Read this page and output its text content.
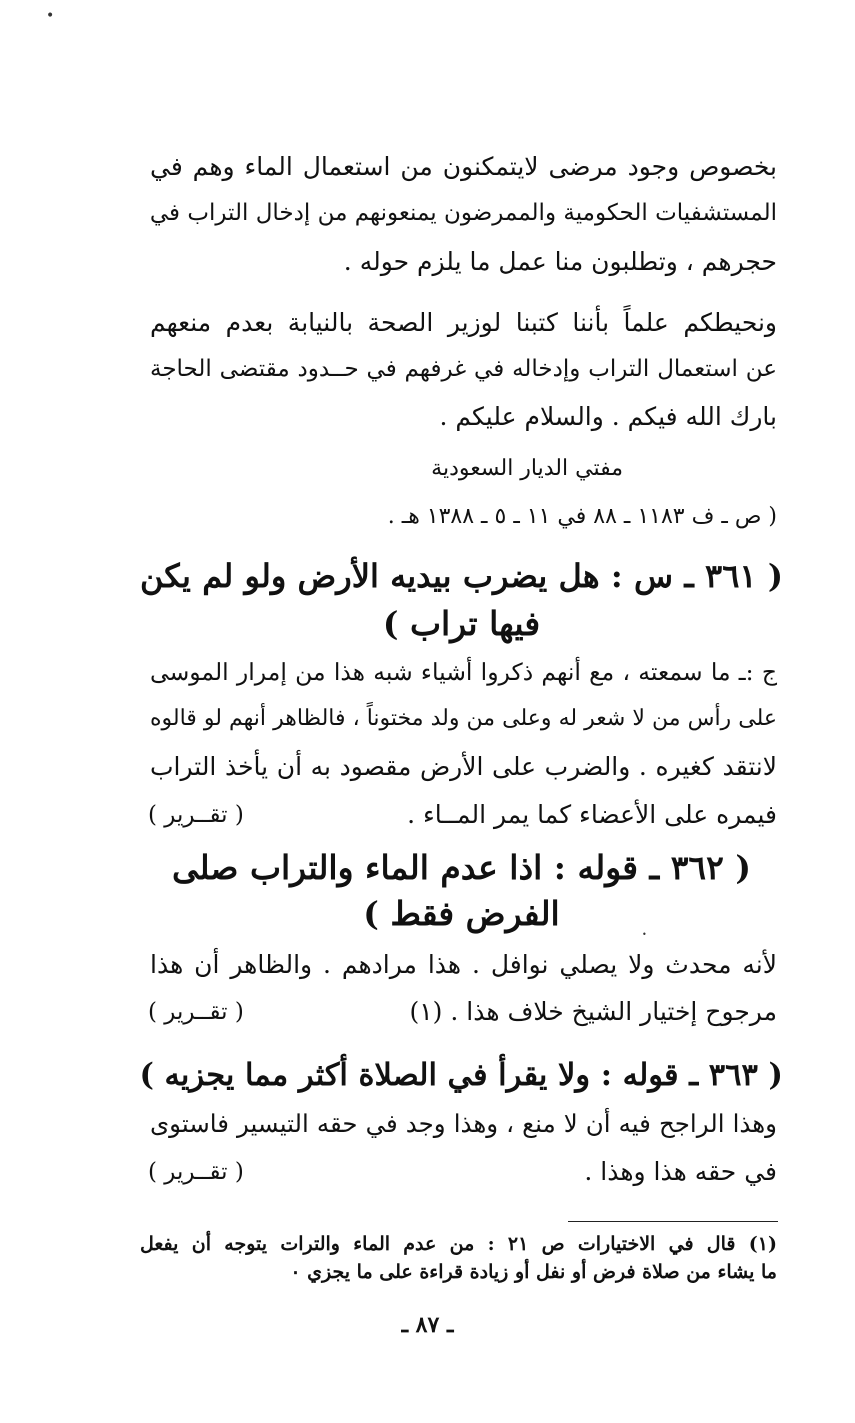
بخصوص وجود مرضى لايتمكنون من استعمال الماء وهم في
المستشفيات الحكومية والممرضون يمنعونهم من إدخال التراب في
حجرهم ، وتطلبون منا عمل ما يلزم حوله .
ونحيطكم علماً بأننا كتبنا لوزير الصحة بالنيابة بعدم منعهم
عن استعمال التراب وإدخاله في غرفهم في حــدود مقتضى الحاجة
بارك الله فيكم . والسلام عليكم .
مفتي الديار السعودية
( ص ـ ف ١١٨٣ ـ ٨٨ في ١١ ـ ٥ ـ ١٣٨٨ هـ .
( ٣٦١ ـ س : هل يضرب بيديه الأرض ولو لم يكن
فيها تراب )
ج :ـ ما سمعته ، مع أنهم ذكروا أشياء شبه هذا من إمرار الموسى
على رأس من لا شعر له وعلى من ولد مختوناً ، فالظاهر أنهم لو قالوه
لانتقد كغيره . والضرب على الأرض مقصود به أن يأخذ التراب
فيمره على الأعضاء كما يمر المــاء .
( تقــرير )
( ٣٦٢ ـ قوله : اذا عدم الماء والتراب صلى
الفرض فقط )
لأنه محدث ولا يصلي نوافل . هذا مرادهم . والظاهر أن هذا
مرجوح إختيار الشيخ خلاف هذا . (١)
( تقــرير )
( ٣٦٣ ـ قوله : ولا يقرأ في الصلاة أكثر مما يجزيه )
وهذا الراجح فيه أن لا منع ، وهذا وجد في حقه التيسير فاستوى
في حقه هذا وهذا .
( تقــرير )
(١) قال في الاختيارات ص ٢١ : من عدم الماء والترات يتوجه أن يفعل
ما يشاء من صلاة فرض أو نفل أو زيادة قراءة على ما يجزي ٠
ـ ٨٧ ـ
•
•
